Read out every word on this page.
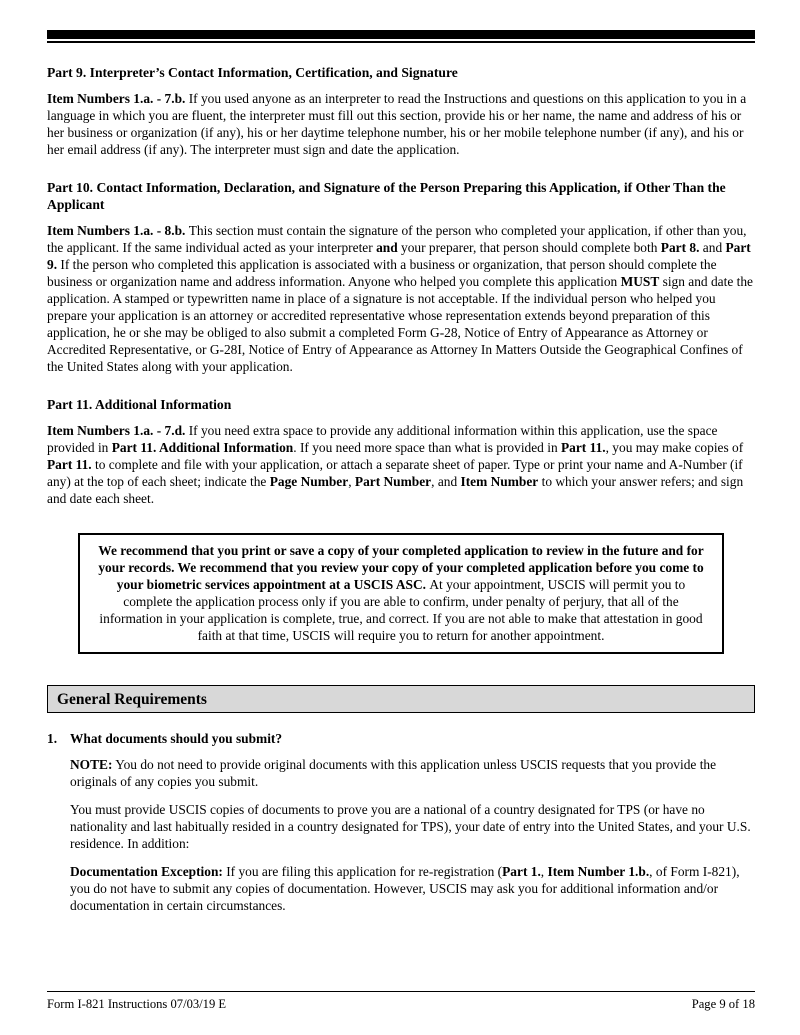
Part 9. Interpreter’s Contact Information, Certification, and Signature
Item Numbers 1.a. - 7.b. If you used anyone as an interpreter to read the Instructions and questions on this application to you in a language in which you are fluent, the interpreter must fill out this section, provide his or her name, the name and address of his or her business or organization (if any), his or her daytime telephone number, his or her mobile telephone number (if any), and his or her email address (if any). The interpreter must sign and date the application.
Part 10. Contact Information, Declaration, and Signature of the Person Preparing this Application, if Other Than the Applicant
Item Numbers 1.a. - 8.b. This section must contain the signature of the person who completed your application, if other than you, the applicant. If the same individual acted as your interpreter and your preparer, that person should complete both Part 8. and Part 9. If the person who completed this application is associated with a business or organization, that person should complete the business or organization name and address information. Anyone who helped you complete this application MUST sign and date the application. A stamped or typewritten name in place of a signature is not acceptable. If the individual person who helped you prepare your application is an attorney or accredited representative whose representation extends beyond preparation of this application, he or she may be obliged to also submit a completed Form G-28, Notice of Entry of Appearance as Attorney or Accredited Representative, or G-28I, Notice of Entry of Appearance as Attorney In Matters Outside the Geographical Confines of the United States along with your application.
Part 11. Additional Information
Item Numbers 1.a. - 7.d. If you need extra space to provide any additional information within this application, use the space provided in Part 11. Additional Information. If you need more space than what is provided in Part 11., you may make copies of Part 11. to complete and file with your application, or attach a separate sheet of paper. Type or print your name and A-Number (if any) at the top of each sheet; indicate the Page Number, Part Number, and Item Number to which your answer refers; and sign and date each sheet.
We recommend that you print or save a copy of your completed application to review in the future and for your records. We recommend that you review your copy of your completed application before you come to your biometric services appointment at a USCIS ASC. At your appointment, USCIS will permit you to complete the application process only if you are able to confirm, under penalty of perjury, that all of the information in your application is complete, true, and correct. If you are not able to make that attestation in good faith at that time, USCIS will require you to return for another appointment.
General Requirements
1. What documents should you submit?
NOTE: You do not need to provide original documents with this application unless USCIS requests that you provide the originals of any copies you submit.
You must provide USCIS copies of documents to prove you are a national of a country designated for TPS (or have no nationality and last habitually resided in a country designated for TPS), your date of entry into the United States, and your U.S. residence. In addition:
Documentation Exception: If you are filing this application for re-registration (Part 1., Item Number 1.b., of Form I-821), you do not have to submit any copies of documentation. However, USCIS may ask you for additional information and/or documentation in certain circumstances.
Form I-821 Instructions 07/03/19 E	Page 9 of 18
